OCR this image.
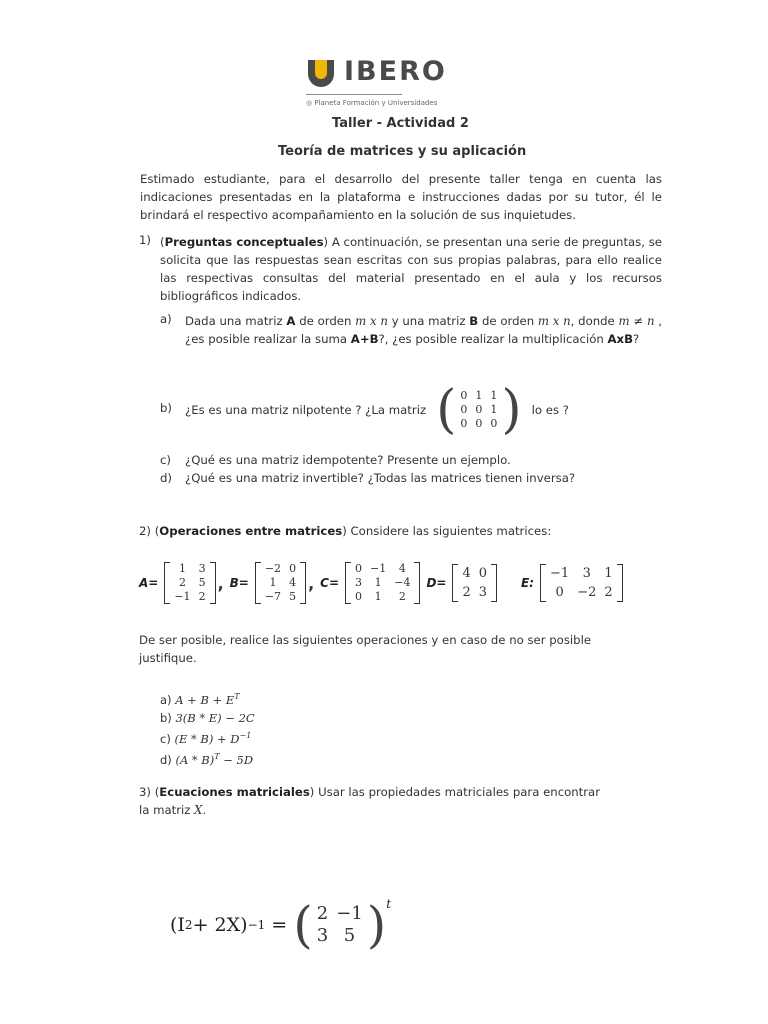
IBERO
◎ Planeta Formación y Universidades
Taller - Actividad 2
Teoría de matrices y su aplicación

Estimado estudiante, para el desarrollo del presente taller tenga en cuenta las indicaciones presentadas en la plataforma e instrucciones dadas por su tutor, él le brindará el respectivo acompañamiento en la solución de sus inquietudes.

1) (Preguntas conceptuales) A continuación, se presentan una serie de preguntas, se solicita que las respuestas sean escritas con sus propias palabras, para ello realice las respectivas consultas del material presentado en el aula y los recursos bibliográficos indicados.

a) Dada una matriz A de orden m x n y una matriz B de orden m x n, donde m ≠ n , ¿es posible realizar la suma A+B?, ¿es posible realizar la multiplicación AxB?

b) ¿Es es una matriz nilpotente ? ¿La matriz ( 0	1	1
0	0	1
0	0	0 ) lo es ?
c) ¿Qué es una matriz idempotente? Presente un ejemplo.
d) ¿Qué es una matriz invertible? ¿Todas las matrices tienen inversa?
2) (Operaciones entre matrices) Considere las siguientes matrices:
A=
1	3
2	5
−1	2
, B=
−2	0
1	4
−7	5
, C=
0	−1	4
3	1	−4
0	1	2
D=
4	0
2	3
E:
−1	3	1
0	−2	2

De ser posible, realice las siguientes operaciones y en caso de no ser posible justifique.

a) $A + B + E^T$
b) 3(B * E) − 2C
c) $(E * B) + D^{-1}$
d) (A * B)$^T$ − 5D

3) (Ecuaciones matriciales) Usar las propiedades matriciales para encontrar la matriz X.

(I 2 + 2X) −1 = ( 2	−1
3	5 )$^t$
